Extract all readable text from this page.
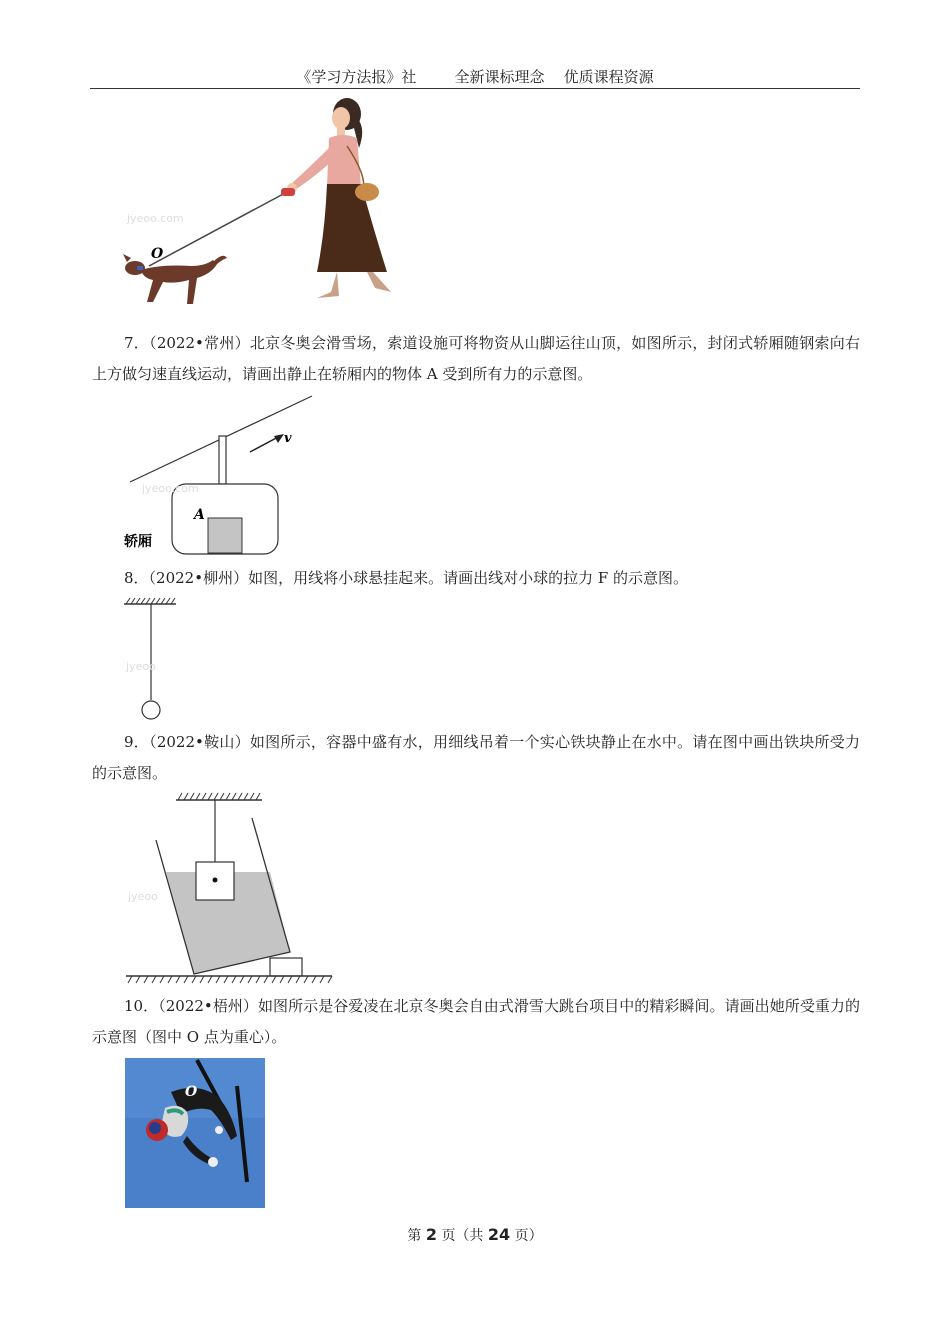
《学习方法报》社	全新课标理念 优质课程资源
O
jyeoo.com
7．（2022•常州）北京冬奥会滑雪场，索道设施可将物资从山脚运往山顶，如图所示，封闭式轿厢随钢索向右上方做匀速直线运动，请画出静止在轿厢内的物体 A 受到所有力的示意图。
v
A
轿厢
jyeoo.com
8．（2022•柳州）如图，用线将小球悬挂起来。请画出线对小球的拉力 F 的示意图。
jyeoo
9．（2022•鞍山）如图所示，容器中盛有水，用细线吊着一个实心铁块静止在水中。请在图中画出铁块所受力的示意图。
jyeoo
10．（2022•梧州）如图所示是谷爱凌在北京冬奥会自由式滑雪大跳台项目中的精彩瞬间。请画出她所受重力的示意图（图中 O 点为重心）。
O
第 2 页（共 24 页）
